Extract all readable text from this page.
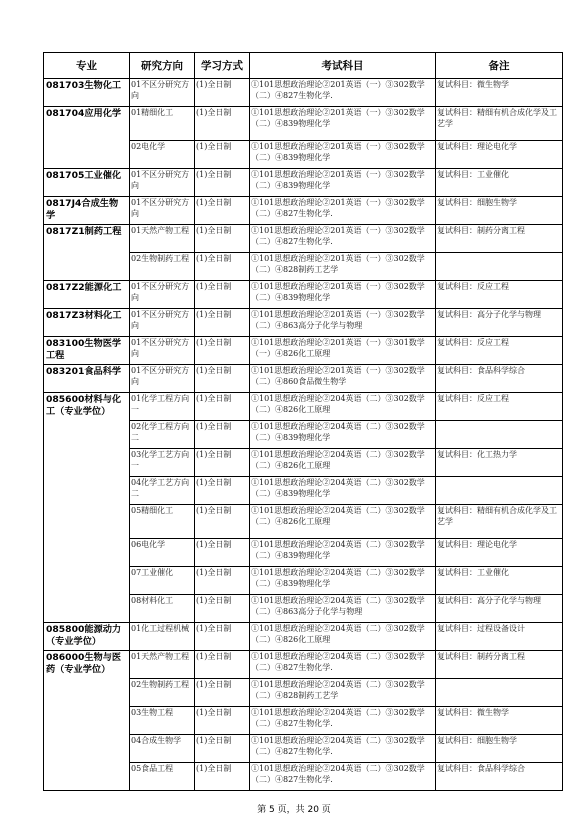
专业	研究方向	学习方式	考试科目	备注
081703生物化工	01不区分研究方向	(1)全日制	①101思想政治理论②201英语（一）③302数学（二）④827生物化学.	复试科目：微生物学
081704应用化学	01精细化工	(1)全日制	①101思想政治理论②201英语（一）③302数学（二）④839物理化学	复试科目：精细有机合成化学及工艺学
	02电化学	(1)全日制	①101思想政治理论②201英语（一）③302数学（二）④839物理化学	复试科目：理论电化学
081705工业催化	01不区分研究方向	(1)全日制	①101思想政治理论②201英语（一）③302数学（二）④839物理化学	复试科目：工业催化
0817J4合成生物学	01不区分研究方向	(1)全日制	①101思想政治理论②201英语（一）③302数学（二）④827生物化学.	复试科目：细胞生物学
0817Z1制药工程	01天然产物工程	(1)全日制	①101思想政治理论②201英语（一）③302数学（二）④827生物化学.	复试科目：制药分离工程
	02生物制药工程	(1)全日制	①101思想政治理论②201英语（一）③302数学（二）④828制药工艺学	
0817Z2能源化工	01不区分研究方向	(1)全日制	①101思想政治理论②201英语（一）③302数学（二）④839物理化学	复试科目：反应工程
0817Z3材料化工	01不区分研究方向	(1)全日制	①101思想政治理论②201英语（一）③302数学（二）④863高分子化学与物理	复试科目：高分子化学与物理
083100生物医学工程	01不区分研究方向	(1)全日制	①101思想政治理论②201英语（一）③301数学（一）④826化工原理	复试科目：反应工程
083201食品科学	01不区分研究方向	(1)全日制	①101思想政治理论②201英语（一）③302数学（二）④860食品微生物学	复试科目：食品科学综合
085600材料与化工（专业学位）	01化学工程方向一	(1)全日制	①101思想政治理论②204英语（二）③302数学（二）④826化工原理	复试科目：反应工程
	02化学工程方向二	(1)全日制	①101思想政治理论②204英语（二）③302数学（二）④839物理化学	
	03化学工艺方向一	(1)全日制	①101思想政治理论②204英语（二）③302数学（二）④826化工原理	复试科目：化工热力学
	04化学工艺方向二	(1)全日制	①101思想政治理论②204英语（二）③302数学（二）④839物理化学	
	05精细化工	(1)全日制	①101思想政治理论②204英语（二）③302数学（二）④826化工原理	复试科目：精细有机合成化学及工艺学
	06电化学	(1)全日制	①101思想政治理论②204英语（二）③302数学（二）④839物理化学	复试科目：理论电化学
	07工业催化	(1)全日制	①101思想政治理论②204英语（二）③302数学（二）④839物理化学	复试科目：工业催化
	08材料化工	(1)全日制	①101思想政治理论②204英语（二）③302数学（二）④863高分子化学与物理	复试科目：高分子化学与物理
085800能源动力（专业学位）	01化工过程机械	(1)全日制	①101思想政治理论②204英语（二）③302数学（二）④826化工原理	复试科目：过程设备设计
086000生物与医药（专业学位）	01天然产物工程	(1)全日制	①101思想政治理论②204英语（二）③302数学（二）④827生物化学.	复试科目：制药分离工程
	02生物制药工程	(1)全日制	①101思想政治理论②204英语（二）③302数学（二）④828制药工艺学	
	03生物工程	(1)全日制	①101思想政治理论②204英语（二）③302数学（二）④827生物化学.	复试科目：微生物学
	04合成生物学	(1)全日制	①101思想政治理论②204英语（二）③302数学（二）④827生物化学.	复试科目：细胞生物学
	05食品工程	(1)全日制	①101思想政治理论②204英语（二）③302数学（二）④827生物化学.	复试科目：食品科学综合
第 5 页，共 20 页
